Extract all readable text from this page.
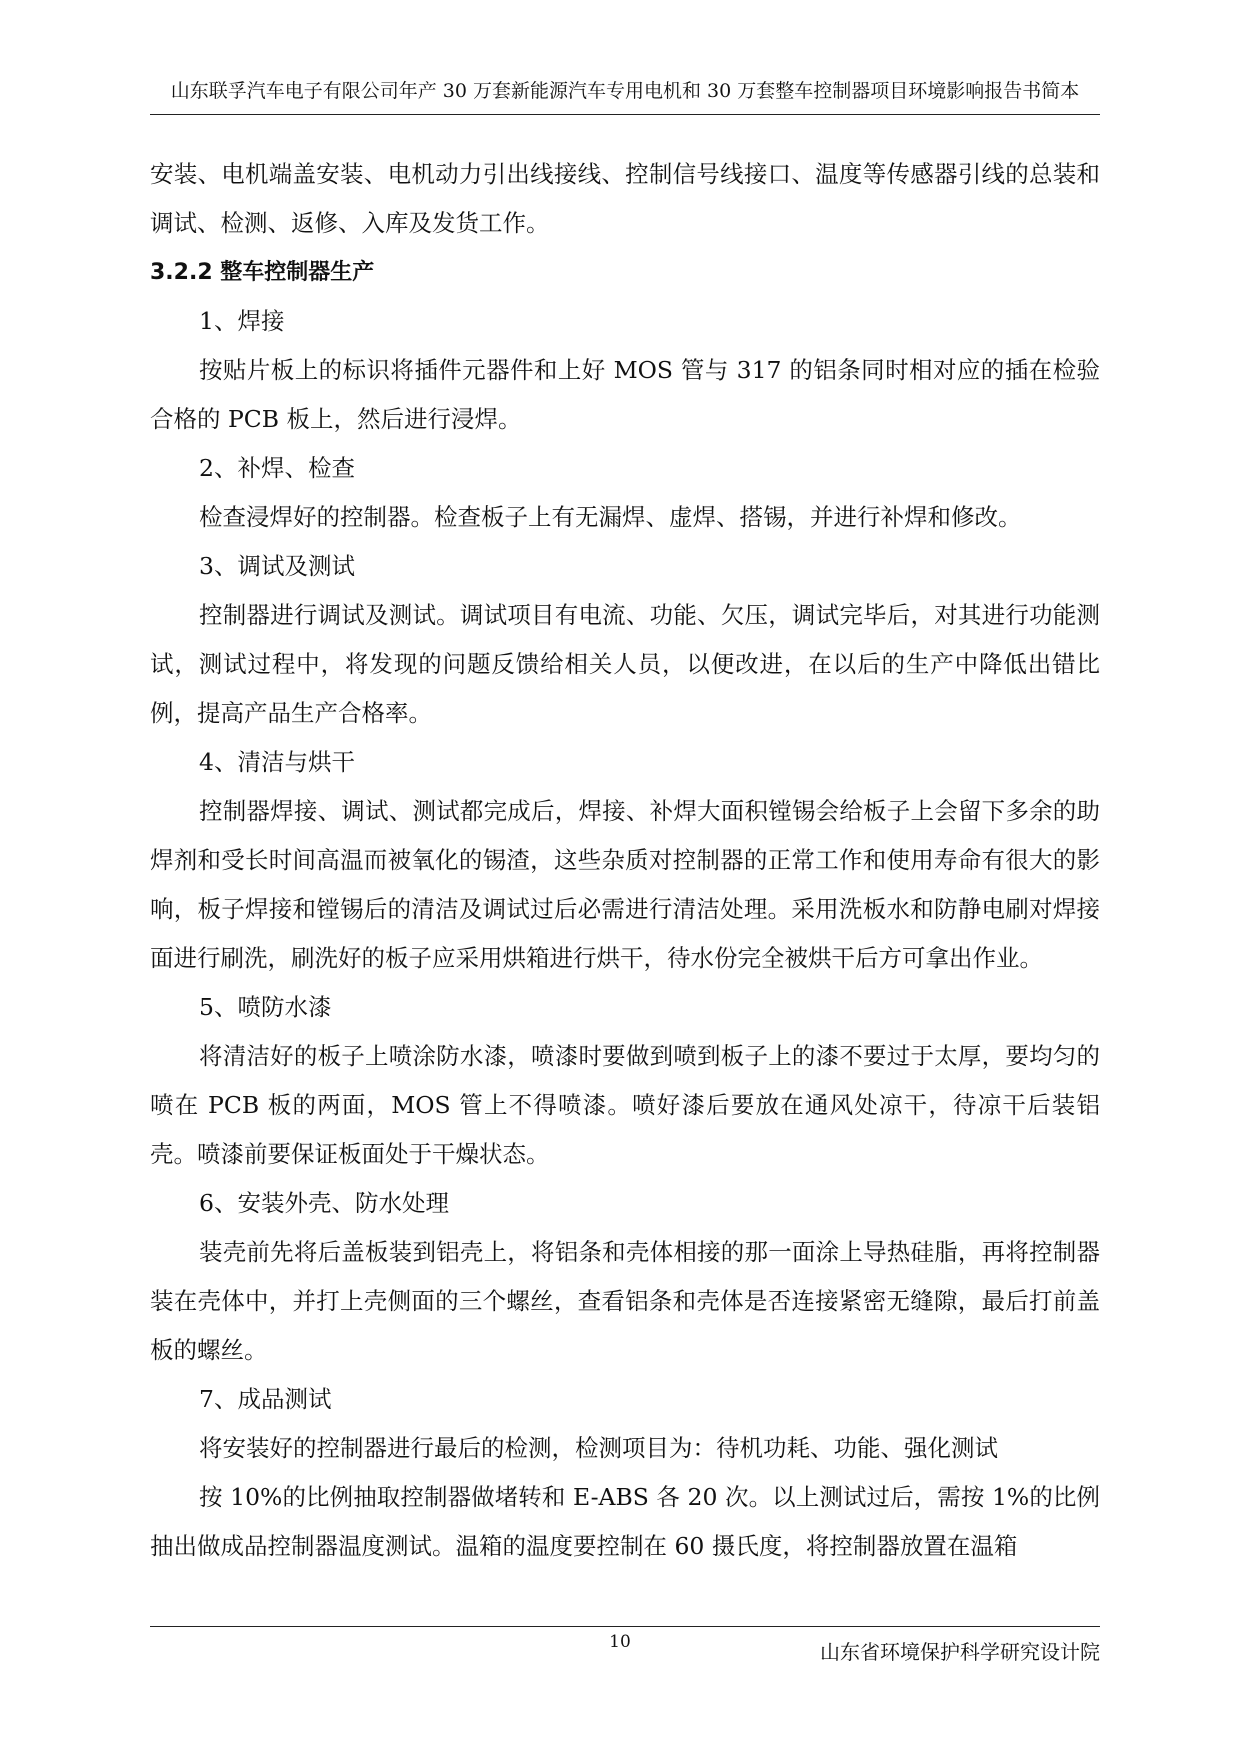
山东联孚汽车电子有限公司年产 30 万套新能源汽车专用电机和 30 万套整车控制器项目环境影响报告书简本

安装、电机端盖安装、电机动力引出线接线、控制信号线接口、温度等传感器引线的总装和调试、检测、返修、入库及发货工作。

3.2.2 整车控制器生产

1、焊接

按贴片板上的标识将插件元器件和上好 MOS 管与 317 的铝条同时相对应的插在检验合格的 PCB 板上，然后进行浸焊。

2、补焊、检查

检查浸焊好的控制器。检查板子上有无漏焊、虚焊、搭锡，并进行补焊和修改。

3、调试及测试

控制器进行调试及测试。调试项目有电流、功能、欠压，调试完毕后，对其进行功能测试，测试过程中，将发现的问题反馈给相关人员，以便改进，在以后的生产中降低出错比例，提高产品生产合格率。

4、清洁与烘干

控制器焊接、调试、测试都完成后，焊接、补焊大面积镗锡会给板子上会留下多余的助焊剂和受长时间高温而被氧化的锡渣，这些杂质对控制器的正常工作和使用寿命有很大的影响，板子焊接和镗锡后的清洁及调试过后必需进行清洁处理。采用洗板水和防静电刷对焊接面进行刷洗，刷洗好的板子应采用烘箱进行烘干，待水份完全被烘干后方可拿出作业。

5、喷防水漆

将清洁好的板子上喷涂防水漆，喷漆时要做到喷到板子上的漆不要过于太厚，要均匀的喷在 PCB 板的两面，MOS 管上不得喷漆。喷好漆后要放在通风处凉干，待凉干后装铝壳。喷漆前要保证板面处于干燥状态。

6、安装外壳、防水处理

装壳前先将后盖板装到铝壳上，将铝条和壳体相接的那一面涂上导热硅脂，再将控制器装在壳体中，并打上壳侧面的三个螺丝，查看铝条和壳体是否连接紧密无缝隙，最后打前盖板的螺丝。

7、成品测试

将安装好的控制器进行最后的检测，检测项目为：待机功耗、功能、强化测试

按 10%的比例抽取控制器做堵转和 E-ABS 各 20 次。以上测试过后，需按 1%的比例抽出做成品控制器温度测试。温箱的温度要控制在 60 摄氏度，将控制器放置在温箱

10	山东省环境保护科学研究设计院
